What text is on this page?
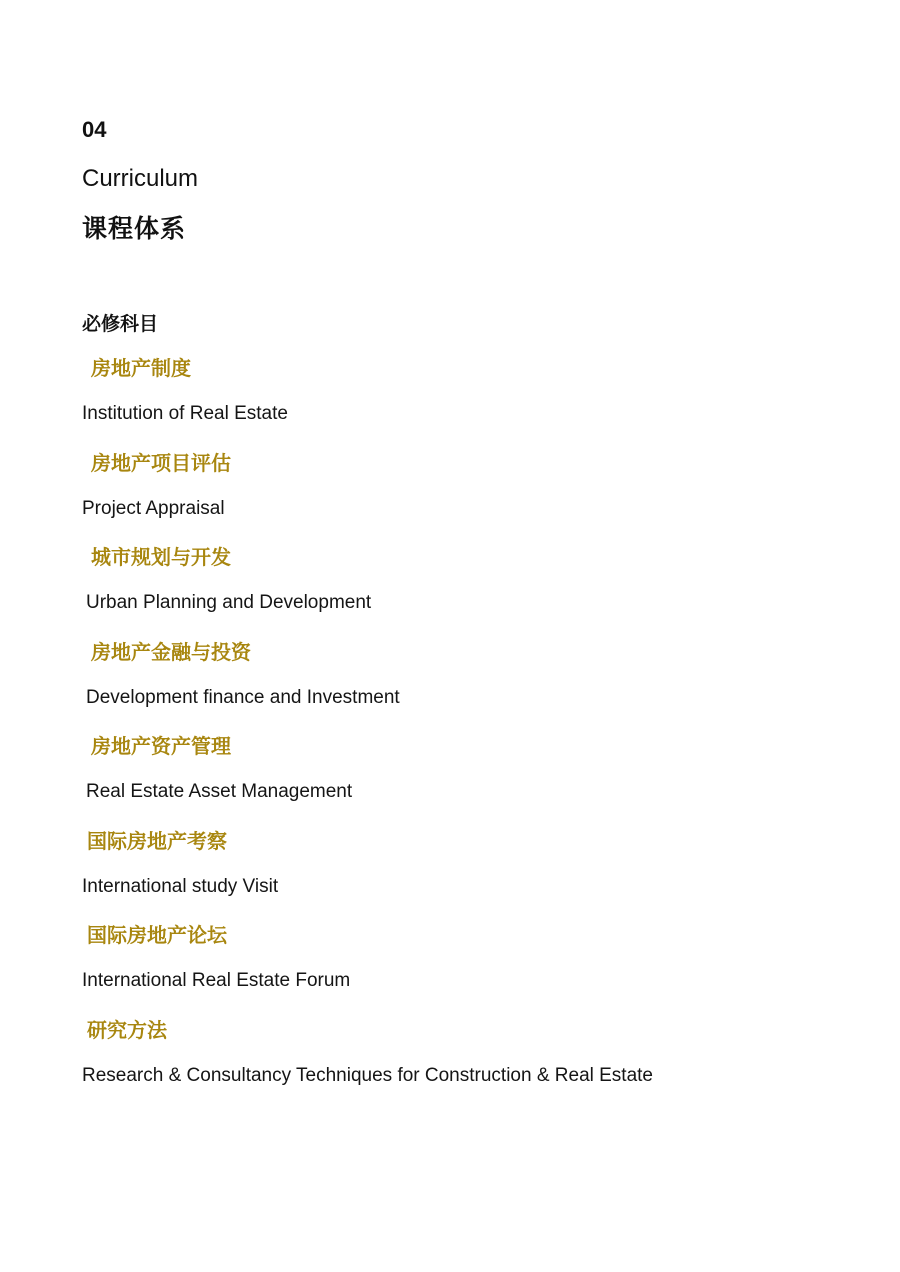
04
Curriculum
课程体系
必修科目
房地产制度
Institution of Real Estate
房地产项目评估
Project Appraisal
城市规划与开发
Urban Planning and Development
房地产金融与投资
Development finance and Investment
房地产资产管理
Real Estate Asset Management
国际房地产考察
International study Visit
国际房地产论坛
International Real Estate Forum
研究方法
Research & Consultancy Techniques for Construction & Real Estate
